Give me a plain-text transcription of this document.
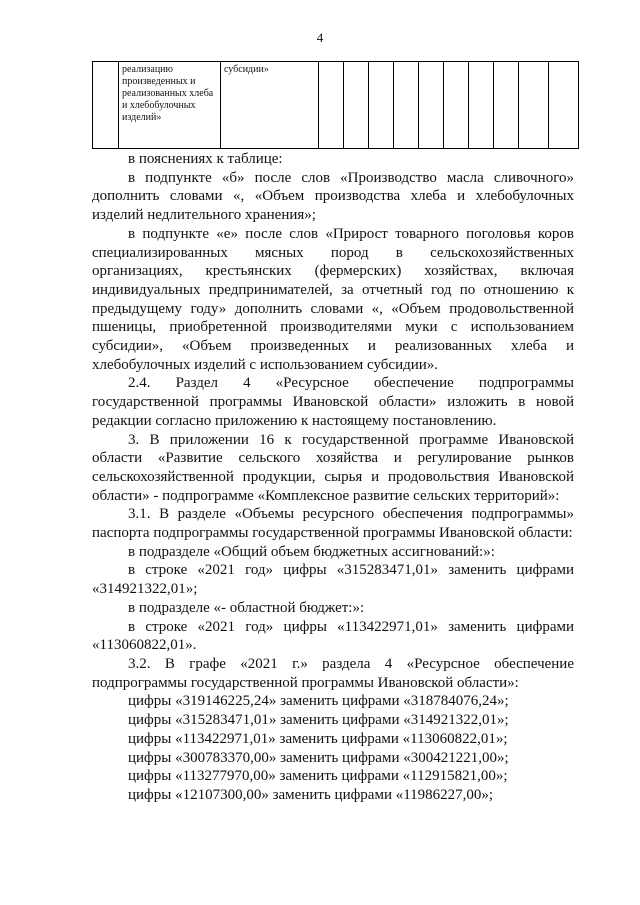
4
	реализацию произведенных и реализованных хлеба и хлебобулочных изделий»	субсидии»										

в пояснениях к таблице:

в подпункте «б» после слов «Производство масла сливочного» дополнить словами «, «Объем производства хлеба и хлебобулочных изделий недлительного хранения»;

в подпункте «е» после слов «Прирост товарного поголовья коров специализированных мясных пород в сельскохозяйственных организациях, крестьянских (фермерских) хозяйствах, включая индивидуальных предпринимателей, за отчетный год по отношению к предыдущему году» дополнить словами «, «Объем продовольственной пшеницы, приобретенной производителями муки с использованием субсидии», «Объем произведенных и реализованных хлеба и хлебобулочных изделий с использованием субсидии».

2.4. Раздел 4 «Ресурсное обеспечение подпрограммы государственной программы Ивановской области» изложить в новой редакции согласно приложению к настоящему постановлению.

3. В приложении 16 к государственной программе Ивановской области «Развитие сельского хозяйства и регулирование рынков сельскохозяйственной продукции, сырья и продовольствия Ивановской области» - подпрограмме «Комплексное развитие сельских территорий»:

3.1. В разделе «Объемы ресурсного обеспечения подпрограммы» паспорта подпрограммы государственной программы Ивановской области:

в подразделе «Общий объем бюджетных ассигнований:»:

в строке «2021 год» цифры «315283471,01» заменить цифрами «314921322,01»;

в подразделе «- областной бюджет:»:

в строке «2021 год» цифры «113422971,01» заменить цифрами «113060822,01».

3.2. В графе «2021 г.» раздела 4 «Ресурсное обеспечение подпрограммы государственной программы Ивановской области»:

цифры «319146225,24» заменить цифрами «318784076,24»;

цифры «315283471,01» заменить цифрами «314921322,01»;

цифры «113422971,01» заменить цифрами «113060822,01»;

цифры «300783370,00» заменить цифрами «300421221,00»;

цифры «113277970,00» заменить цифрами «112915821,00»;

цифры «12107300,00» заменить цифрами «11986227,00»;
